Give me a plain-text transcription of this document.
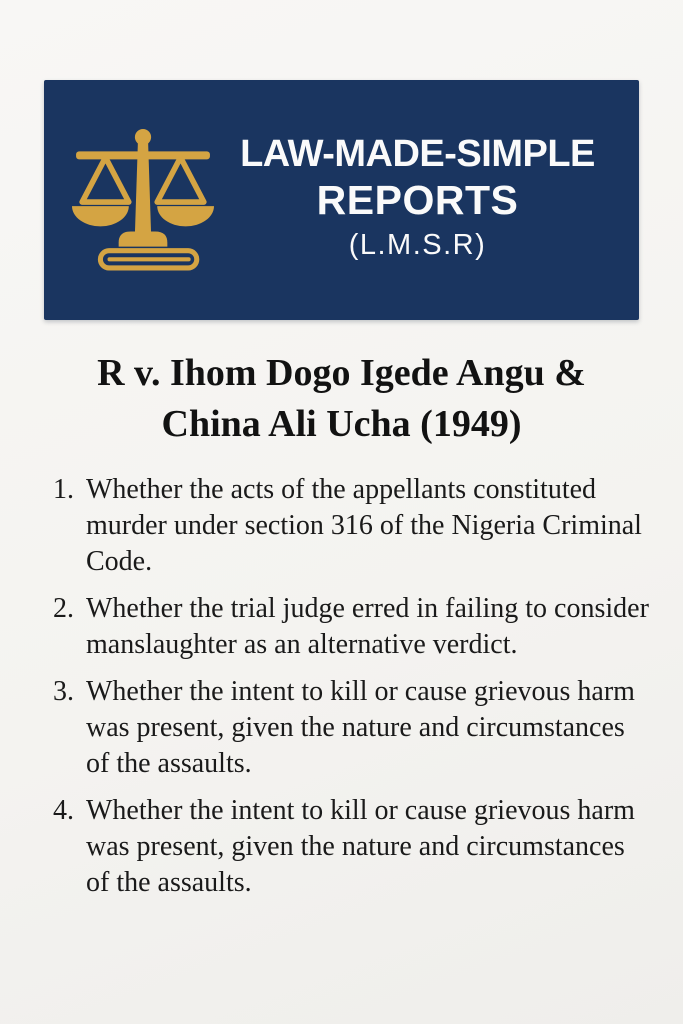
LAW-MADE-SIMPLE
REPORTS
(L.M.S.R)
R v. Ihom Dogo Igede Angu &
China Ali Ucha (1949)
1. Whether the acts of the appellants constituted murder under section 316 of the Nigeria Criminal Code.
2. Whether the trial judge erred in failing to consider manslaughter as an alternative verdict.
3. Whether the intent to kill or cause grievous harm was present, given the nature and circumstances of the assaults.
4. Whether the intent to kill or cause grievous harm was present, given the nature and circumstances of the assaults.
